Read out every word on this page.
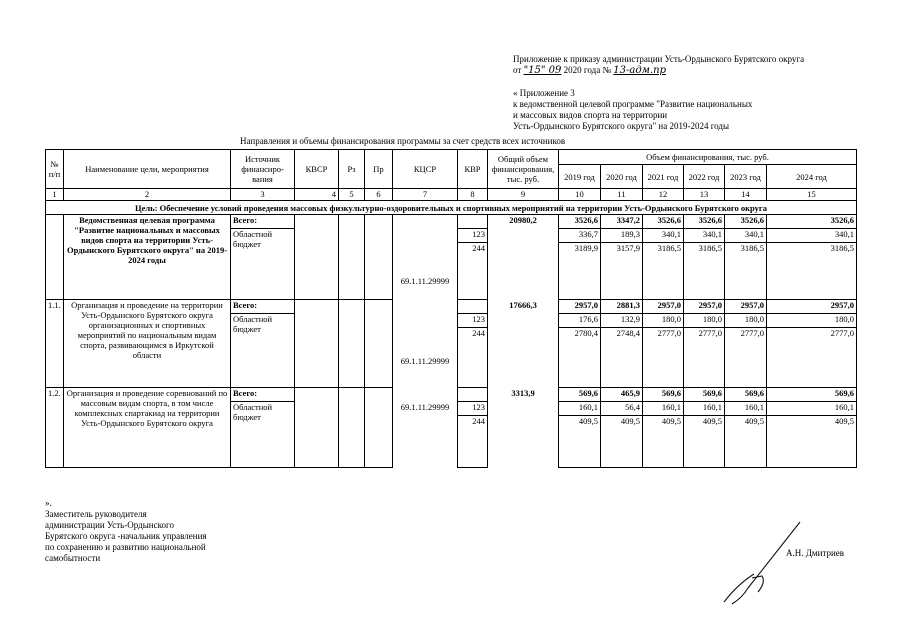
Приложение к приказу администрации Усть-Ордынского Бурятского округа
от "15" 09 2020 года № 13-адм.пр
« Приложение 3
к ведомственной целевой программе "Развитие национальных
и массовых видов спорта на территории
Усть-Ордынского Бурятского округа" на 2019-2024 годы
Направления и объемы финансирования программы за счет средств всех источников
№ п/п	Наименование цели, мероприятия	Источник финансиро-вания	КВСР	Рз	Пр	КЦСР	КВР	Общий объем финансирования, тыс. руб.	Объем финансирования, тыс. руб.					
									2019 год	2020 год	2021 год	2022 год	2023 год	2024 год
1	2	3	4	5	6	7	8	9	10	11	12	13	14	15
Цель: Обеспечение условий проведения массовых физкультурно-оздоровительных и спортивных мероприятий на территории Усть-Ордынского Бурятского округа														
	Ведомственная целевая программа "Развитие национальных и массовых видов спорта на территории Усть-Ордынского Бурятского округа" на 2019-2024 годы	Всего:						20980,2	3526,6	3347,2	3526,6	3526,6	3526,6	3526,6
		Областной бюджет				69.1.11.29999	123		336,7	189,3	340,1	340,1	340,1	340,1
							244		3189,9	3157,9	3186,5	3186,5	3186,5	3186,5
1.1.	Организация и проведение на территории Усть-Ордынского Бурятского округа организационных и спортивных мероприятий по национальным видам спорта, развивающимся в Иркутской области	Всего:						17666,3	2957,0	2881,3	2957,0	2957,0	2957,0	2957,0
		Областной бюджет				69.1.11.29999	123		176,6	132,9	180,0	180,0	180,0	180,0
							244		2780,4	2748,4	2777,0	2777,0	2777,0	2777,0
1.2.	Организация и проведение соревнований по массовым видам спорта, в том числе комплексных спартакиад на территории Усть-Ордынского Бурятского округа	Всего:						3313,9	569,6	465,9	569,6	569,6	569,6	569,6
		Областной бюджет				69.1.11.29999	123		160,1	56,4	160,1	160,1	160,1	160,1
							244		409,5	409,5	409,5	409,5	409,5	409,5
».
Заместитель руководителя
администрации Усть-Ордынского
Бурятского округа -начальник управления
по сохранению и развитию национальной
самобытности	А.Н. Дмитриев
